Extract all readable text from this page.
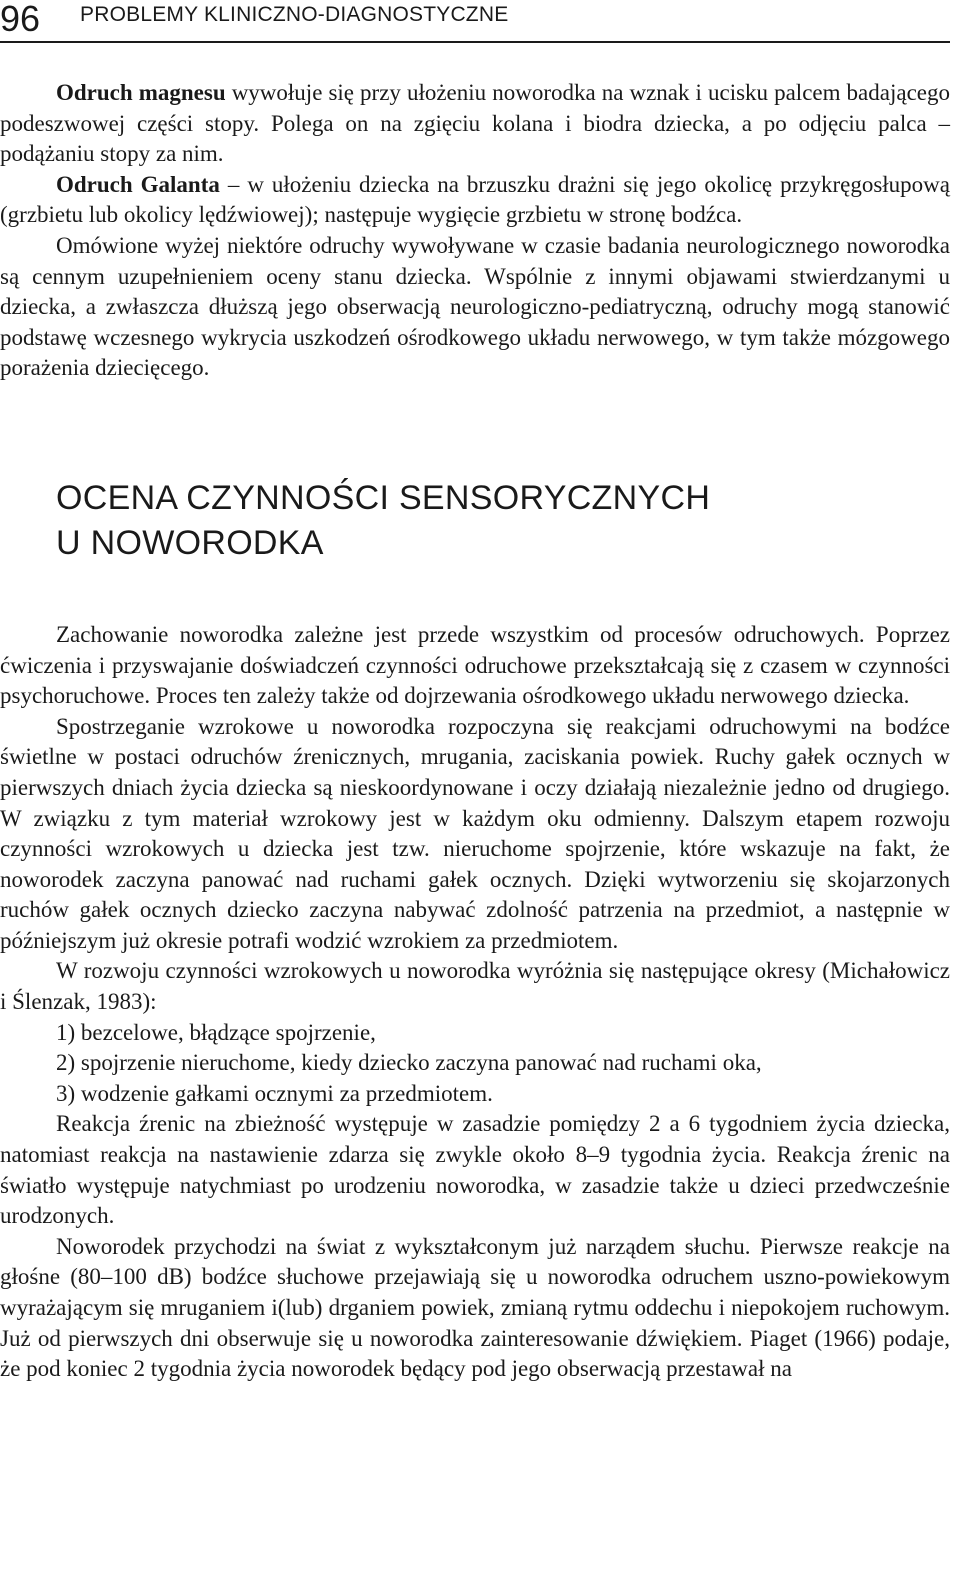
96 PROBLEMY KLINICZNO-DIAGNOSTYCZNE

Odruch magnesu wywołuje się przy ułożeniu noworodka na wznak i ucisku palcem badającego podeszwowej części stopy. Polega on na zgięciu kolana i biodra dziecka, a po odjęciu palca – podążaniu stopy za nim.

Odruch Galanta – w ułożeniu dziecka na brzuszku drażni się jego okolicę przykręgosłupową (grzbietu lub okolicy lędźwiowej); następuje wygięcie grzbietu w stronę bodźca.

Omówione wyżej niektóre odruchy wywoływane w czasie badania neurologicznego noworodka są cennym uzupełnieniem oceny stanu dziecka. Wspólnie z innymi objawami stwierdzanymi u dziecka, a zwłaszcza dłuższą jego obserwacją neurologiczno-pediatryczną, odruchy mogą stanowić podstawę wczesnego wykrycia uszkodzeń ośrodkowego układu nerwowego, w tym także mózgowego porażenia dziecięcego.

OCENA CZYNNOŚCI SENSORYCZNYCH
U NOWORODKA

Zachowanie noworodka zależne jest przede wszystkim od procesów odruchowych. Poprzez ćwiczenia i przyswajanie doświadczeń czynności odruchowe przekształcają się z czasem w czynności psychoruchowe. Proces ten zależy także od dojrzewania ośrodkowego układu nerwowego dziecka.

Spostrzeganie wzrokowe u noworodka rozpoczyna się reakcjami odruchowymi na bodźce świetlne w postaci odruchów źrenicznych, mrugania, zaciskania powiek. Ruchy gałek ocznych w pierwszych dniach życia dziecka są nieskoordynowane i oczy działają niezależnie jedno od drugiego. W związku z tym materiał wzrokowy jest w każdym oku odmienny. Dalszym etapem rozwoju czynności wzrokowych u dziecka jest tzw. nieruchome spojrzenie, które wskazuje na fakt, że noworodek zaczyna panować nad ruchami gałek ocznych. Dzięki wytworzeniu się skojarzonych ruchów gałek ocznych dziecko zaczyna nabywać zdolność patrzenia na przedmiot, a następnie w późniejszym już okresie potrafi wodzić wzrokiem za przedmiotem.

W rozwoju czynności wzrokowych u noworodka wyróżnia się następujące okresy (Michałowicz i Ślenzak, 1983):

1) bezcelowe, błądzące spojrzenie,
2) spojrzenie nieruchome, kiedy dziecko zaczyna panować nad ruchami oka,
3) wodzenie gałkami ocznymi za przedmiotem.

Reakcja źrenic na zbieżność występuje w zasadzie pomiędzy 2 a 6 tygodniem życia dziecka, natomiast reakcja na nastawienie zdarza się zwykle około 8–9 tygodnia życia. Reakcja źrenic na światło występuje natychmiast po urodzeniu noworodka, w zasadzie także u dzieci przedwcześnie urodzonych.

Noworodek przychodzi na świat z wykształconym już narządem słuchu. Pierwsze reakcje na głośne (80–100 dB) bodźce słuchowe przejawiają się u noworodka odruchem uszno-powiekowym wyrażającym się mruganiem i(lub) drganiem powiek, zmianą rytmu oddechu i niepokojem ruchowym. Już od pierwszych dni obserwuje się u noworodka zainteresowanie dźwiękiem. Piaget (1966) podaje, że pod koniec 2 tygodnia życia noworodek będący pod jego obserwacją przestawał na
